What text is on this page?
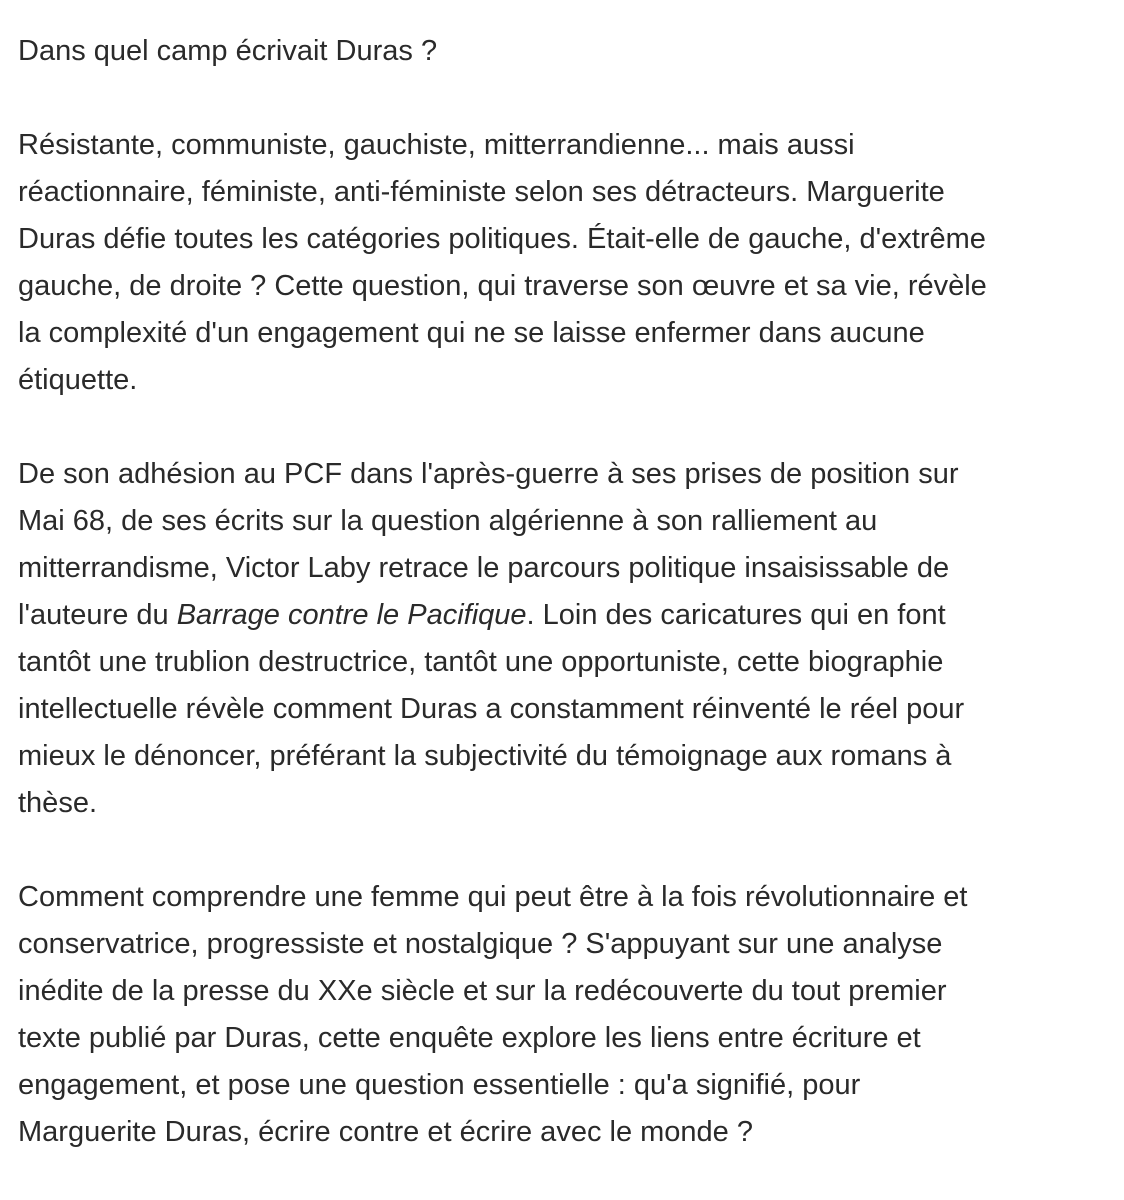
Dans quel camp écrivait Duras ?

Résistante, communiste, gauchiste, mitterrandienne... mais aussi
réactionnaire, féministe, anti-féministe selon ses détracteurs. Marguerite
Duras défie toutes les catégories politiques. Était-elle de gauche, d'extrême
gauche, de droite ? Cette question, qui traverse son œuvre et sa vie, révèle
la complexité d'un engagement qui ne se laisse enfermer dans aucune
étiquette.

De son adhésion au PCF dans l'après-guerre à ses prises de position sur
Mai 68, de ses écrits sur la question algérienne à son ralliement au
mitterrandisme, Victor Laby retrace le parcours politique insaisissable de
l'auteure du Barrage contre le Pacifique. Loin des caricatures qui en font
tantôt une trublion destructrice, tantôt une opportuniste, cette biographie
intellectuelle révèle comment Duras a constamment réinventé le réel pour
mieux le dénoncer, préférant la subjectivité du témoignage aux romans à
thèse.

Comment comprendre une femme qui peut être à la fois révolutionnaire et
conservatrice, progressiste et nostalgique ? S'appuyant sur une analyse
inédite de la presse du XXe siècle et sur la redécouverte du tout premier
texte publié par Duras, cette enquête explore les liens entre écriture et
engagement, et pose une question essentielle : qu'a signifié, pour
Marguerite Duras, écrire contre et écrire avec le monde ?
